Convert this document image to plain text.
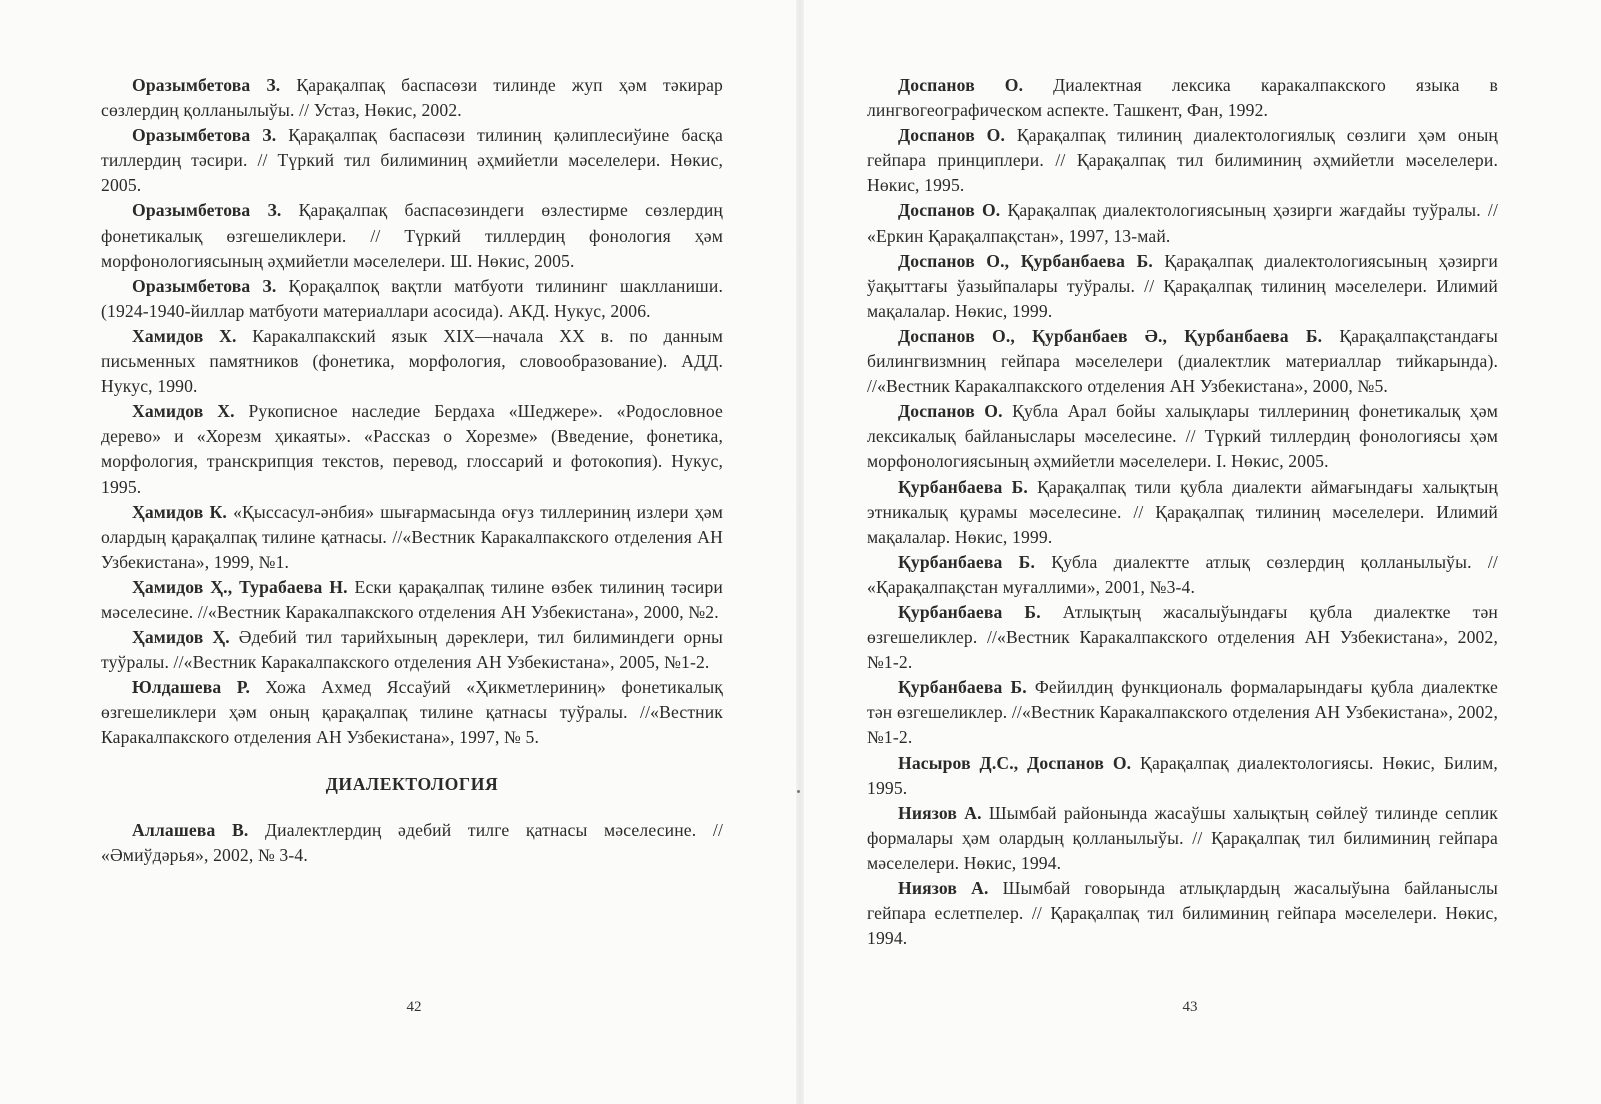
Оразымбетова З. Қарақалпақ баспасөзи тилинде жуп ҳәм тәкирар сөзлердиң қолланылыўы. // Устаз, Нөкис, 2002.

Оразымбетова З. Қарақалпақ баспасөзи тилиниң қәлиплесиўине басқа тиллердиң тәсири. // Түркий тил билиминиң әҳмийетли мәселелери. Нөкис, 2005.

Оразымбетова З. Қарақалпақ баспасөзиндеги өзлестирме сөзлердиң фонетикалық өзгешеликлери. // Түркий тиллердиң фонология ҳәм морфонологиясының әҳмийетли мәселелери. Ш. Нөкис, 2005.

Оразымбетова З. Қорақалпоқ вақтли матбуоти тилининг шаклланиши. (1924-1940-йиллар матбуоти материаллари асосида). АКД. Нукус, 2006.

Хамидов Х. Каракалпакский язык XIX—начала XX в. по данным письменных памятников (фонетика, морфология, словообразование). АДД. Нукус, 1990.

Хамидов Х. Рукописное наследие Бердаха «Шеджере». «Родословное дерево» и «Хорезм ҳикаяты». «Рассказ о Хорезме» (Введение, фонетика, морфология, транскрипция текстов, перевод, глоссарий и фотокопия). Нукус, 1995.

Ҳамидов К. «Қыссасул-әнбия» шығармасында оғуз тиллериниң излери ҳәм олардың қарақалпақ тилине қатнасы. //«Вестник Каракалпакского отделения АН Узбекистана», 1999, №1.

Ҳамидов Ҳ., Турабаева Н. Ески қарақалпақ тилине өзбек тилиниң тәсири мәселесине. //«Вестник Каракалпакского отделения АН Узбекистана», 2000, №2.

Ҳамидов Ҳ. Әдебий тил тарийхының дәреклери, тил билиминдеги орны туўралы. //«Вестник Каракалпакского отделения АН Узбекистана», 2005, №1-2.

Юлдашева Р. Хожа Ахмед Яссаўий «Ҳикметлериниң» фонетикалық өзгешеликлери ҳәм оның қарақалпақ тилине қатнасы туўралы. //«Вестник Каракалпакского отделения АН Узбекистана», 1997, № 5.

ДИАЛЕКТОЛОГИЯ

Аллашева В. Диалектлердиң әдебий тилге қатнасы мәселесине. // «Әмиўдәрья», 2002, № 3-4.

42

Доспанов О. Диалектная лексика каракалпакского языка в лингвогеографическом аспекте. Ташкент, Фан, 1992.

Доспанов О. Қарақалпақ тилиниң диалектологиялық сөзлиги ҳәм оның гейпара принциплери. // Қарақалпақ тил билиминиң әҳмийетли мәселелери. Нөкис, 1995.

Доспанов О. Қарақалпақ диалектологиясының ҳәзирги жағдайы туўралы. // «Еркин Қарақалпақстан», 1997, 13-май.

Доспанов О., Қурбанбаева Б. Қарақалпақ диалектологиясының ҳәзирги ўақыттағы ўазыйпалары туўралы. // Қарақалпақ тилиниң мәселелери. Илимий мақалалар. Нөкис, 1999.

Доспанов О., Қурбанбаев Ә., Қурбанбаева Б. Қарақалпақстандағы билингвизмниң гейпара мәселелери (диалектлик материаллар тийкарында). //«Вестник Каракалпакского отделения АН Узбекистана», 2000, №5.

Доспанов О. Қубла Арал бойы халықлары тиллериниң фонетикалық ҳәм лексикалық байланыслары мәселесине. // Түркий тиллердиң фонологиясы ҳәм морфонологиясының әҳмийетли мәселелери. I. Нөкис, 2005.

Қурбанбаева Б. Қарақалпақ тили қубла диалекти аймағындағы халықтың этникалық қурамы мәселесине. // Қарақалпақ тилиниң мәселелери. Илимий мақалалар. Нөкис, 1999.

Қурбанбаева Б. Қубла диалектте атлық сөзлердиң қолланылыўы. // «Қарақалпақстан муғаллими», 2001, №3-4.

Қурбанбаева Б. Атлықтың жасалыўындағы қубла диалектке тән өзгешеликлер. //«Вестник Каракалпакского отделения АН Узбекистана», 2002, №1-2.

Қурбанбаева Б. Фейилдиң функциональ формаларындағы қубла диалектке тән өзгешеликлер. //«Вестник Каракалпакского отделения АН Узбекистана», 2002, №1-2.

Насыров Д.С., Доспанов О. Қарақалпақ диалектологиясы. Нөкис, Билим, 1995.

Ниязов А. Шымбай районында жасаўшы халықтың сөйлеў тилинде сеплик формалары ҳәм олардың қолланылыўы. // Қарақалпақ тил билиминиң гейпара мәселелери. Нөкис, 1994.

Ниязов А. Шымбай говорында атлықлардың жасалыўына байланыслы гейпара еслетпелер. // Қарақалпақ тил билиминиң гейпара мәселелери. Нөкис, 1994.

43
